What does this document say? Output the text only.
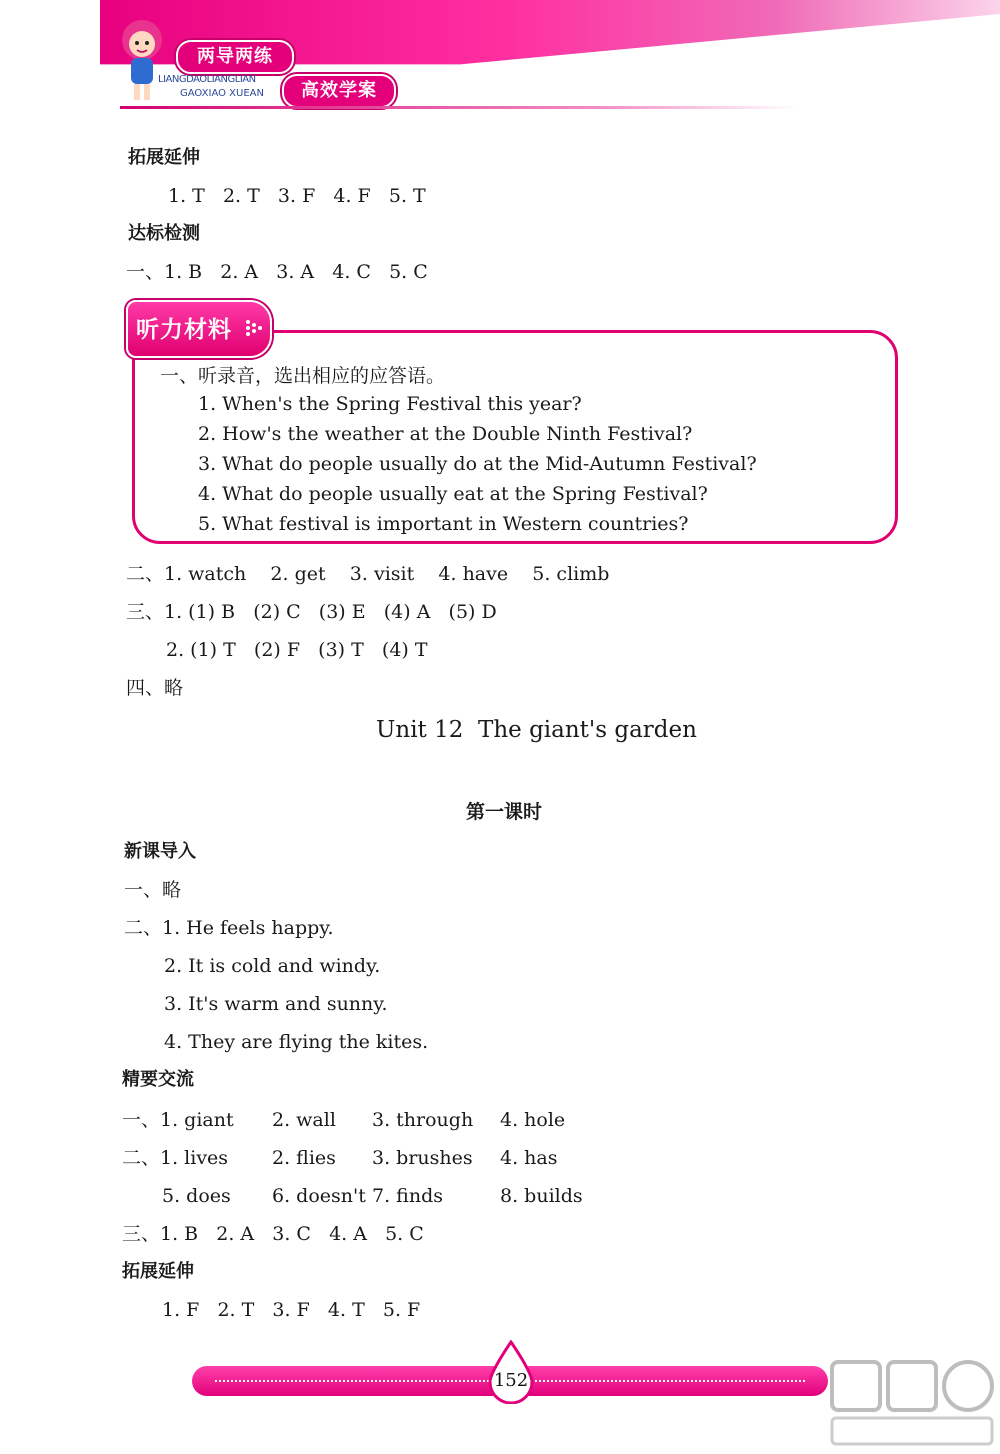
两导两练
LIANGDAOLIANGLIAN
GAOXIAO XUEAN	高效学案
拓展延伸
1. T   2. T   3. F   4. F   5. T
达标检测
一、1. B   2. A   3. A   4. C   5. C
听力材料
一、听录音，选出相应的应答语。
1. When's the Spring Festival this year?
2. How's the weather at the Double Ninth Festival?
3. What do people usually do at the Mid-Autumn Festival?
4. What do people usually eat at the Spring Festival?
5. What festival is important in Western countries?
二、1. watch    2. get    3. visit    4. have    5. climb
三、1. (1) B   (2) C   (3) E   (4) A   (5) D
2. (1) T   (2) F   (3) T   (4) T
四、略
Unit 12  The giant's garden
第一课时
新课导入
一、略
二、1. He feels happy.
2. It is cold and windy.
3. It's warm and sunny.
4. They are flying the kites.
精要交流
一、1. giant 2. wall 3. through 4. hole
二、1. lives 2. flies 3. brushes 4. has
5. does 6. doesn't 7. finds	8. builds
三、1. B   2. A   3. C   4. A   5. C
拓展延伸
1. F   2. T   3. F   4. T   5. F
152
